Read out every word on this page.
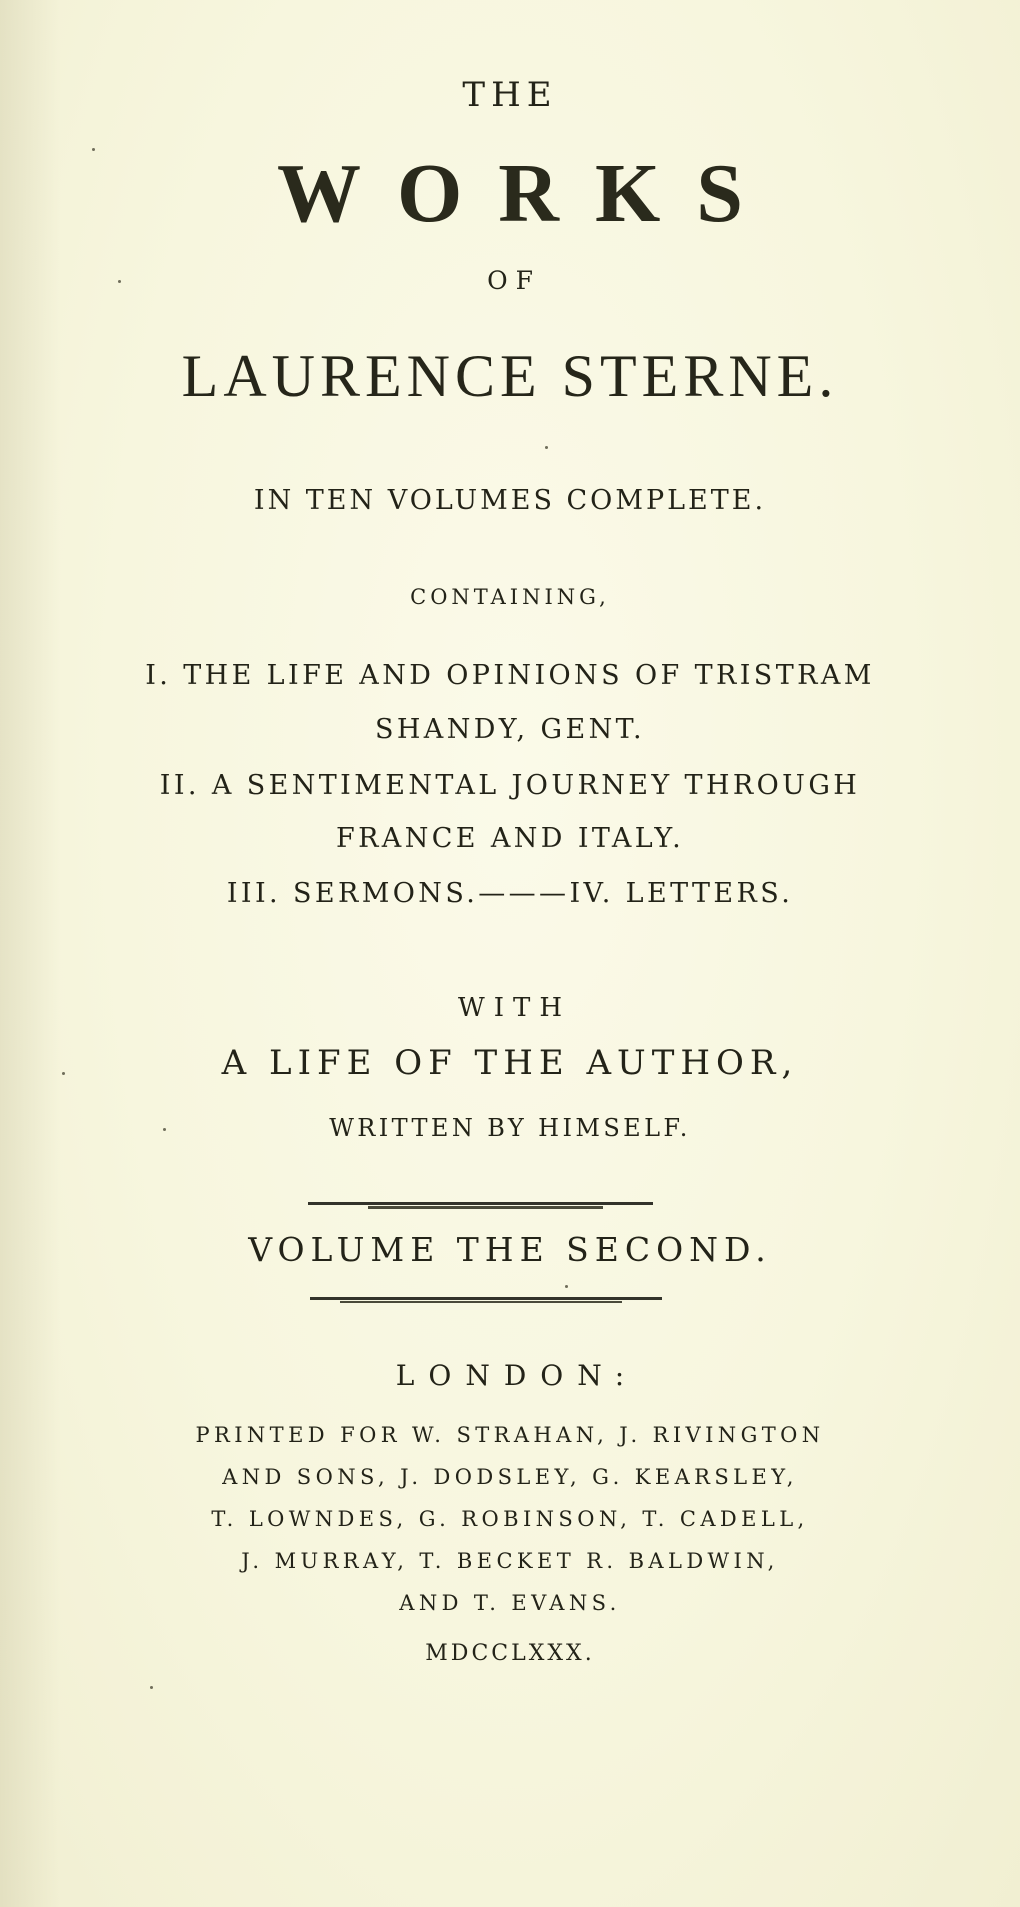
THE
WORKS
OF
LAURENCE STERNE.
IN TEN VOLUMES COMPLETE.
CONTAINING,
I. THE LIFE AND OPINIONS OF TRISTRAM
SHANDY, GENT.
II. A SENTIMENTAL JOURNEY THROUGH
FRANCE AND ITALY.
III. SERMONS.———IV. LETTERS.
WITH
A LIFE OF THE AUTHOR,
WRITTEN BY HIMSELF.
VOLUME THE SECOND.
LONDON:
PRINTED FOR W. STRAHAN, J. RIVINGTON
AND SONS, J. DODSLEY, G. KEARSLEY,
T. LOWNDES, G. ROBINSON, T. CADELL,
J. MURRAY, T. BECKET R. BALDWIN,
AND T. EVANS.
MDCCLXXX.
